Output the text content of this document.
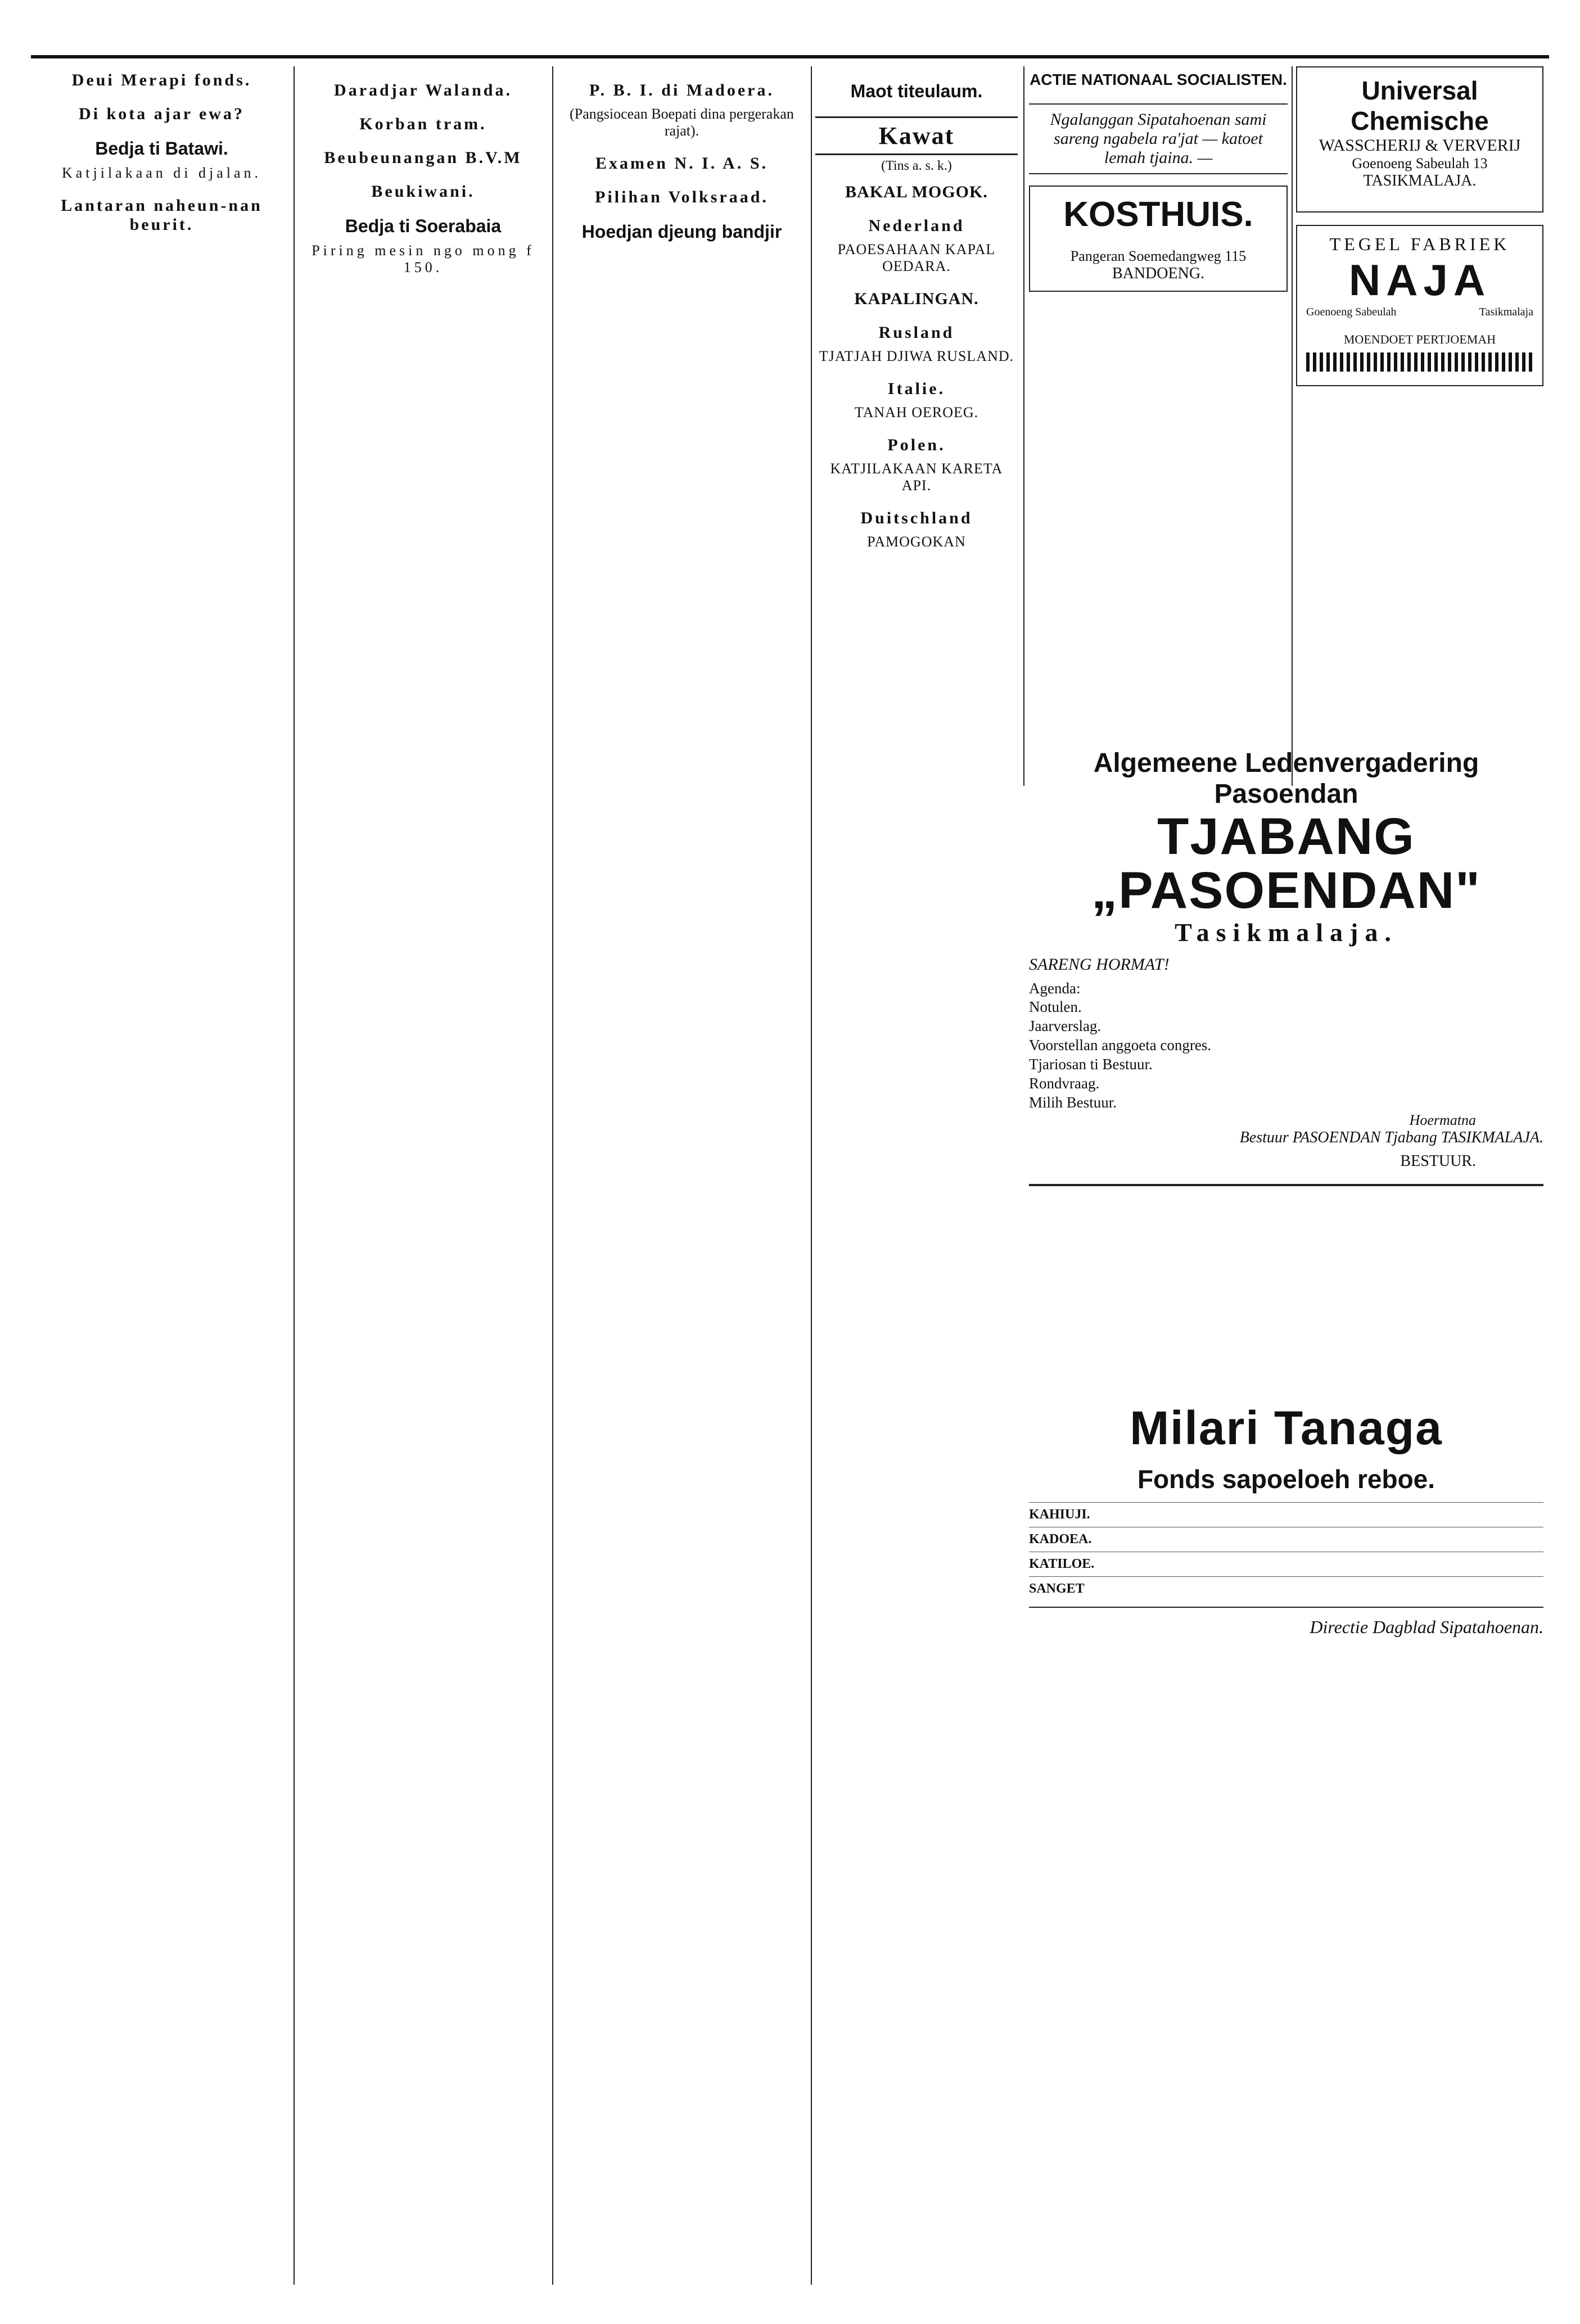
Deui Merapi fonds.

Di kota ajar ewa?

Bedja ti Batawi.
Katjilakaan di djalan.

Lantaran naheun-nan beurit.

Daradjar Walanda.

Korban tram.

Beubeunangan B.V.M

Beukiwani.

Bedja ti Soerabaia
Piring mesin ngo mong f 150.

P. B. I. di Madoera.
(Pangsiocean Boepati dina pergerakan rajat).

Examen N. I. A. S.

Pilihan Volksraad.

Hoedjan djeung bandjir

Maot titeulaum.

Kawat
(Tins a. s. k.)
BAKAL MOGOK.

Nederland
PAOESAHAAN KAPAL OEDARA.

KAPALINGAN.

Rusland
TJATJAH DJIWA RUSLAND.

Italie.
TANAH OEROEG.

Polen.
KATJILAKAAN KARETA API.

Duitschland
PAMOGOKAN

ACTIE NATIONAAL SOCIALISTEN.

Ngalanggan Sipatahoenan sami sareng ngabela ra'jat — katoet lemah tjaina. —
KOSTHUIS.

Pangeran Soemedangweg 115
BANDOENG.
Universal Chemische
WASSCHERIJ & VERVERIJ
Goenoeng Sabeulah 13
TASIKMALAJA.

TEGEL FABRIEK
NAJA
Goenoeng Sabeulah	Tasikmalaja

MOENDOET PERTJOEMAH
Algemeene Ledenvergadering Pasoendan
TJABANG „PASOENDAN"
Tasikmalaja.
SARENG HORMAT!

Agenda:
Notulen.
Jaarverslag.
Voorstellan anggoeta congres.
Tjariosan ti Bestuur.
Rondvraag.
Milih Bestuur.
Hoermatna
Bestuur PASOENDAN Tjabang TASIKMALAJA.

BESTUUR.
Milari Tanaga

Fonds sapoeloeh reboe.

KAHIUJI.
KADOEA.
KATILOE.
SANGET

Directie Dagblad Sipatahoenan.
